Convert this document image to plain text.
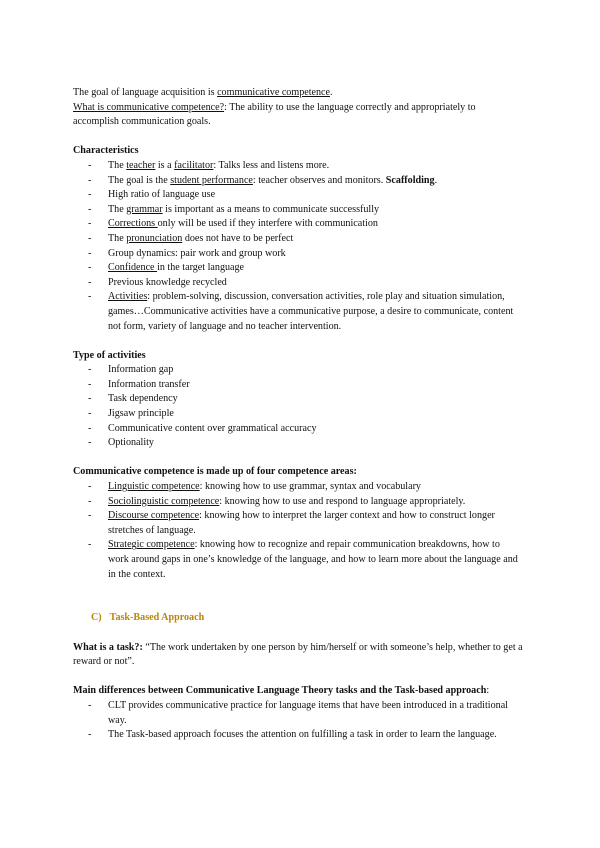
The goal of language acquisition is communicative competence.

What is communicative competence?: The ability to use the language correctly and appropriately to accomplish communication goals.

Characteristics

- The teacher is a facilitator: Talks less and listens more.
- The goal is the student performance: teacher observes and monitors. Scaffolding.
- High ratio of language use
- The grammar is important as a means to communicate successfully
- Corrections only will be used if they interfere with communication
- The pronunciation does not have to be perfect
- Group dynamics: pair work and group work
- Confidence in the target language
- Previous knowledge recycled
- Activities: problem-solving, discussion, conversation activities, role play and situation simulation, games…Communicative activities have a communicative purpose, a desire to communicate, content not form, variety of language and no teacher intervention.

Type of activities

- Information gap
- Information transfer
- Task dependency
- Jigsaw principle
- Communicative content over grammatical accuracy
- Optionality

Communicative competence is made up of four competence areas:

- Linguistic competence: knowing how to use grammar, syntax and vocabulary
- Sociolinguistic competence: knowing how to use and respond to language appropriately.
- Discourse competence: knowing how to interpret the larger context and how to construct longer stretches of language.
- Strategic competence: knowing how to recognize and repair communication breakdowns, how to work around gaps in one’s knowledge of the language, and how to learn more about the language and in the context.

C) Task-Based Approach

What is a task?: “The work undertaken by one person by him/herself or with someone’s help, whether to get a reward or not”.

Main differences between Communicative Language Theory tasks and the Task-based approach:

- CLT provides communicative practice for language items that have been introduced in a traditional way.
- The Task-based approach focuses the attention on fulfilling a task in order to learn the language.
